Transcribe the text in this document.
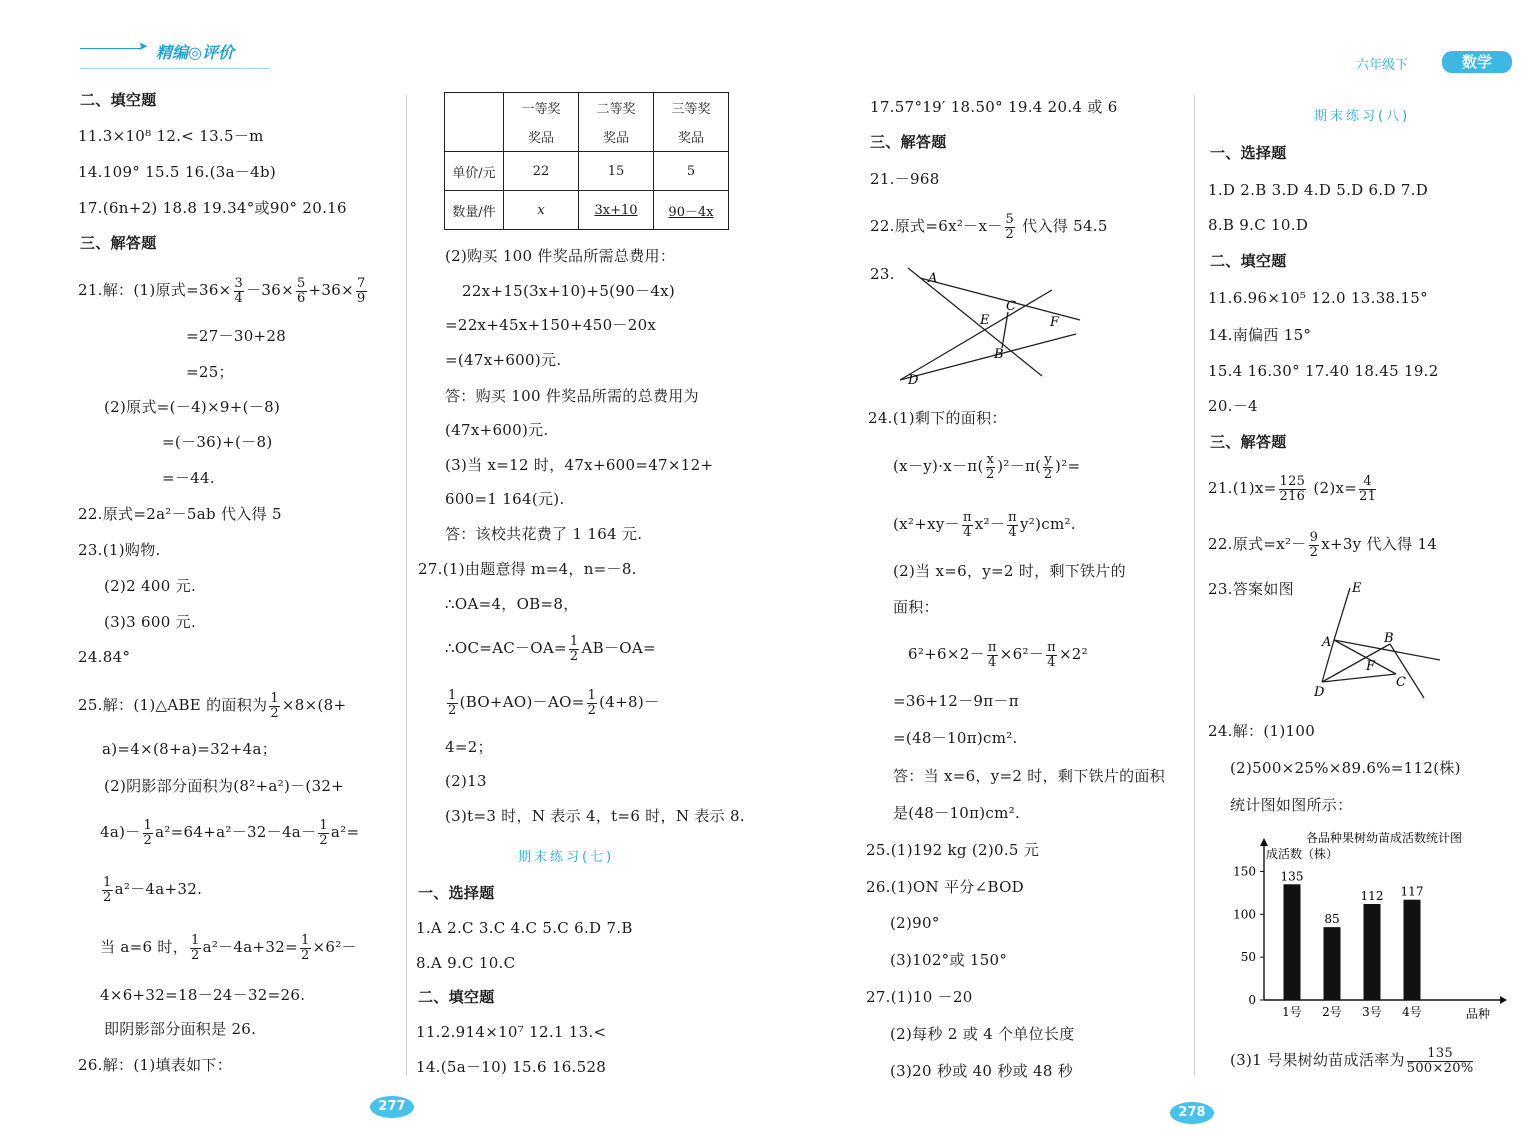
➤ 精编◎评价
六年级下	数学
二、填空题
11.3×10⁸ 12.< 13.5－m
14.109° 15.5 16.(3a－4b)
17.(6n+2) 18.8 19.34°或90° 20.16
三、解答题
21.解：(1)原式$=36\times \frac{3}{4} -36\times \frac{5}{6} +36\times \frac{7}{9}$
=27－30+28
=25；
(2)原式=(－4)×9+(－8)
=(－36)+(－8)
=－44.
22.原式=2a²－5ab 代入得 5
23.(1)购物.
(2)2 400 元.
(3)3 600 元.
24.84°
25.解：(1)△ABE 的面积为 $\frac{1}{2} \times 8\times(8+$
a)=4×(8+a)=32+4a；
(2)阴影部分面积为(8²+a²)－(32+
$4a)- \frac{1}{2} a^2=64+a^2-32-4a- \frac{1}{2} a^2=$
$\frac{1}{2} a^2-4a+32$.
当 a=6 时， $\frac{1}{2} a^2-4a+32= \frac{1}{2} \times 6^2-$
4×6+32=18－24－32=26.
即阴影部分面积是 26.
26.解：(1)填表如下：
	一等奖	二等奖	三等奖
	奖品	奖品	奖品
单价/元	22	15	5
数量/件	x	3x+10	90－4x
(2)购买 100 件奖品所需总费用：
22x+15(3x+10)+5(90－4x)
=22x+45x+150+450－20x
=(47x+600)元.
答：购买 100 件奖品所需的总费用为
(47x+600)元.
(3)当 x=12 时，47x+600=47×12+
600=1 164(元).
答：该校共花费了 1 164 元.
27.(1)由题意得 m=4，n=－8.
∴OA=4，OB=8，
∴OC=AC－OA= $\frac{1}{2} AB-OA=$
$\frac{1}{2} (BO+AO)-AO= \frac{1}{2} (4+8)-$
4=2；
(2)13
(3)t=3 时，N 表示 4，t=6 时，N 表示 8.
期末练习(七)
一、选择题
1.A 2.C 3.C 4.C 5.C 6.D 7.B
8.A 9.C 10.C
二、填空题
11.2.914×10⁷ 12.1 13.<
14.(5a－10) 15.6 16.528
277
17.57°19′ 18.50° 19.4 20.4 或 6
三、解答题
21.－968
22.原式$=6x^2-x- \frac{5}{2}$ 代入得 54.5
23.	A
C
E	F
B
D
24.(1)剩下的面积：
$(x-y)\cdot x-\pi( \frac{x}{2} )^2-\pi( \frac{y}{2} )^2=$
$(x^2+xy- \frac{\pi}{4} x^2- \frac{\pi}{4} y^2)cm^2$.
(2)当 x=6，y=2 时，剩下铁片的
面积：
$6^2+6\times 2- \frac{\pi}{4} \times 6^2- \frac{\pi}{4} \times 2^2$
=36+12－9π－π
=(48－10π)cm².
答：当 x=6，y=2 时，剩下铁片的面积
是(48－10π)cm².
25.(1)192 kg (2)0.5 元
26.(1)ON 平分∠BOD
(2)90°
(3)102°或 150°
27.(1)10 －20
(2)每秒 2 或 4 个单位长度
(3)20 秒或 40 秒或 48 秒
278
期末练习(八)
一、选择题
1.D 2.B 3.D 4.D 5.D 6.D 7.D
8.B 9.C 10.D
二、填空题
11.6.96×10⁵ 12.0 13.38.15°
14.南偏西 15°
15.4 16.30° 17.40 18.45 19.2
20.－4
三、解答题
$21.(1)x= \frac{125}{216} (2)x= \frac{4}{21}$
22.原式$=x^2- \frac{9}{2} x+3y$ 代入得 14
23.答案如图	E
A	B
F
C
D
24.解：(1)100
(2)500×25%×89.6%=112(株)
统计图如图所示：
各品种果树幼苗成活数统计图
成活数（株）
品种
0
50
100
150 135
1号
85
2号
112
3号
117
4号
(3)1 号果树幼苗成活率为 $\frac{135}{500\times 20\%}$
